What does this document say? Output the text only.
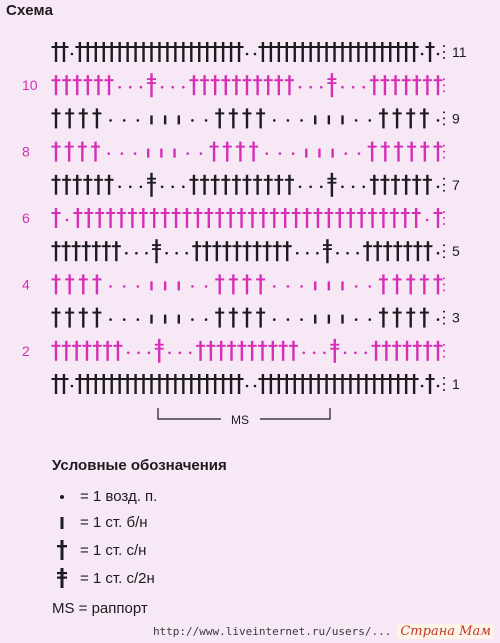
Схема
11
10
9
8
7
6
5
4
3
2
1
MS
Условные обозначения
= 1 возд. п.
= 1 ст. б/н
= 1 ст. с/н
= 1 ст. с/2н
MS = раппорт
http://www.liveinternet.ru/users/... Страна Мам
